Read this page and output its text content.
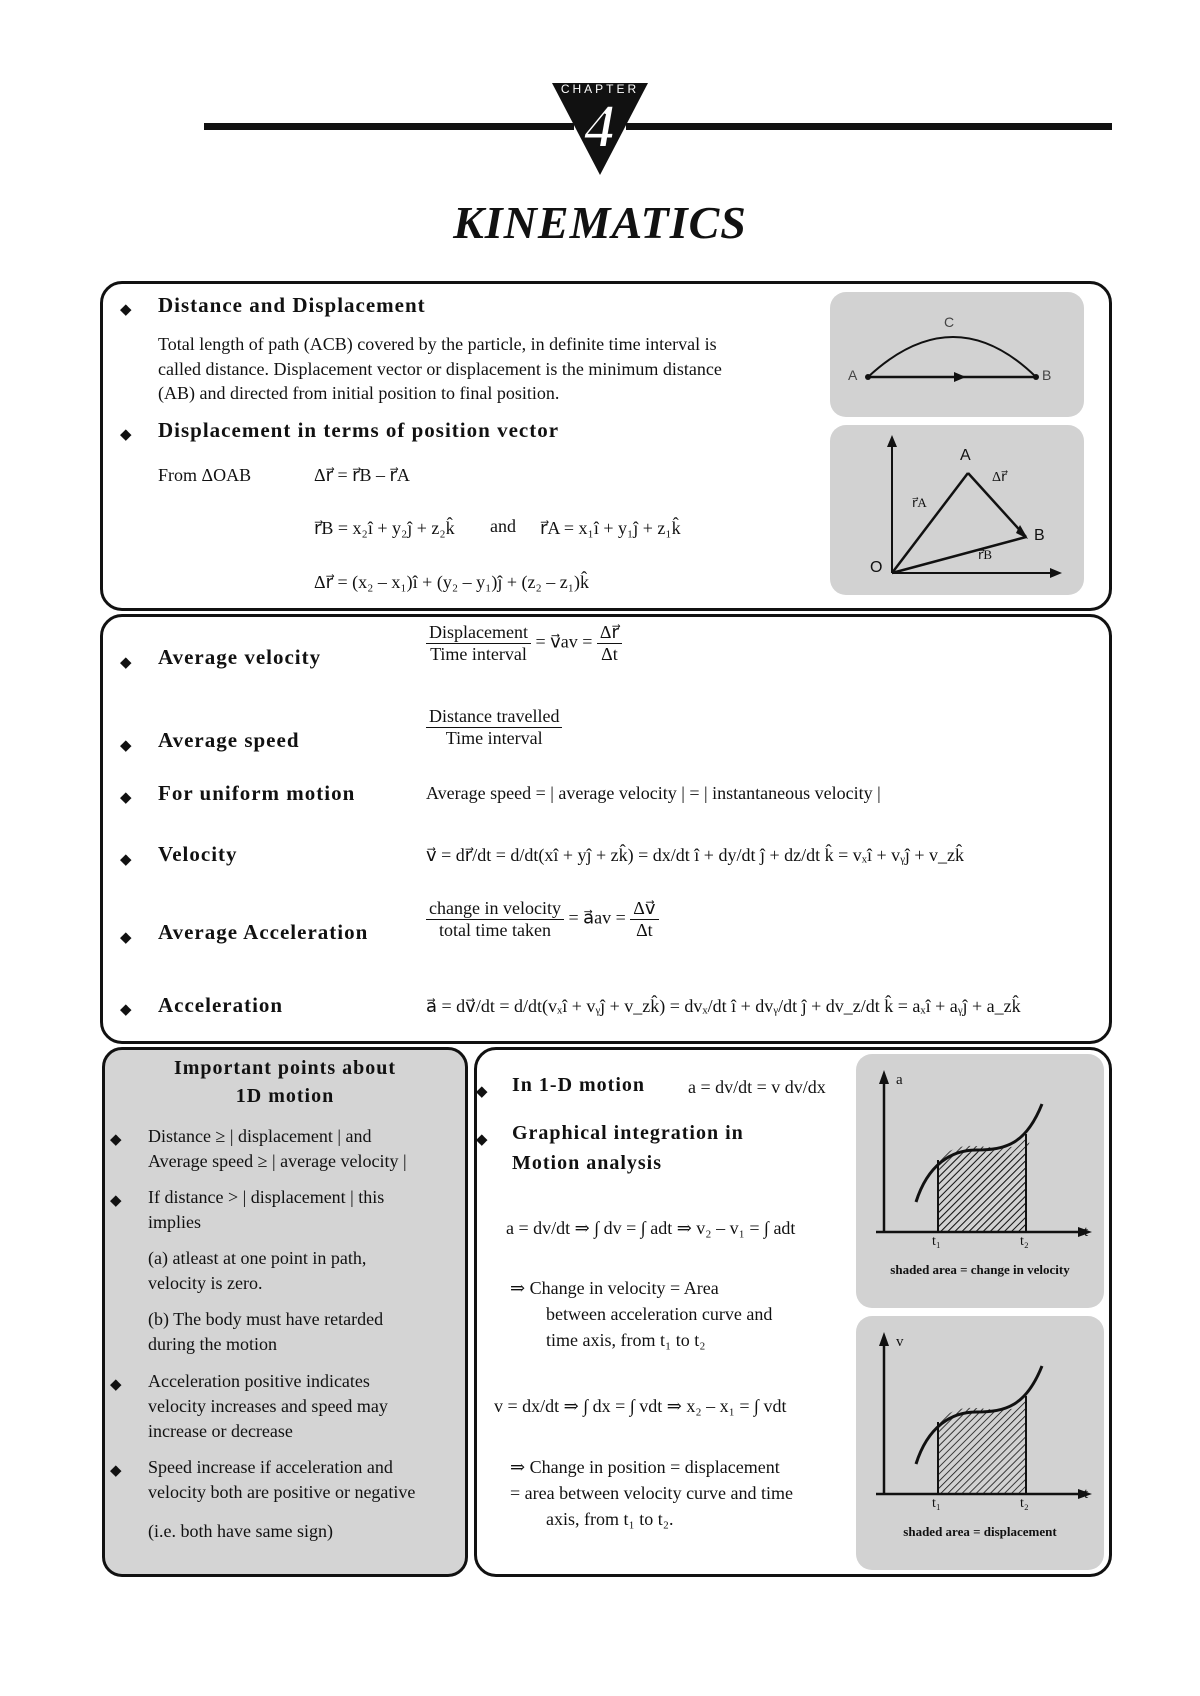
CHAPTER
4
KINEMATICS
◆ Distance and Displacement
Total length of path (ACB) covered by the particle, in definite time interval is
called distance. Displacement vector or displacement is the minimum distance
(AB) and directed from initial position to final position.
◆ Displacement in terms of position vector
From ΔOAB	Δr⃗ = r⃗B – r⃗A
r⃗B = x₂î + y₂ĵ + z₂k̂ and r⃗A = x₁î + y₁ĵ + z₁k̂
Δr⃗ = (x₂ – x₁)î + (y₂ – y₁)ĵ + (z₂ – z₁)k̂
A	B
C
A
B
O
Δr⃗
r⃗A
r⃗B
◆ Average velocity	$\frac{\text{Displacement}}{\text{Time interval}}$ = v⃗av = $\frac{\Delta r⃗}{\Delta t}$
◆ Average speed	$\frac{\text{Distance travelled}}{\text{Time interval}}$
◆ For uniform motion	Average speed = | average velocity | = | instantaneous velocity |
◆ Velocity	v⃗ = dr⃗/dt = d/dt(xî + yĵ + zk̂) = dx/dt î + dy/dt ĵ + dz/dt k̂ = vₓî + vᵧĵ + v_zk̂
◆ Average Acceleration	$\frac{\text{change in velocity}}{\text{total time taken}}$ = a⃗av = $\frac{\Delta v⃗}{\Delta t}$
◆ Acceleration	a⃗ = dv⃗/dt = d/dt(vₓî + vᵧĵ + v_zk̂) = dvₓ/dt î + dvᵧ/dt ĵ + dv_z/dt k̂ = aₓî + aᵧĵ + a_zk̂
Important points about
1D motion
◆ Distance ≥ | displacement | and
Average speed ≥ | average velocity |
◆ If distance > | displacement | this
implies
(a) atleast at one point in path,
velocity is zero.
(b) The body must have retarded
during the motion
◆ Acceleration positive indicates
velocity increases and speed may
increase or decrease
◆ Speed increase if acceleration and
velocity both are positive or negative
(i.e. both have same sign)
◆ In 1-D motion a = dv/dt = v dv/dx
◆ Graphical integration in
Motion analysis
a = dv/dt ⇒ ∫ dv = ∫ adt ⇒ v₂ – v₁ = ∫ adt
⇒ Change in velocity = Area
between acceleration curve and
time axis, from t₁ to t₂
v = dx/dt ⇒ ∫ dx = ∫ vdt ⇒ x₂ – x₁ = ∫ vdt
⇒ Change in position = displacement
= area between velocity curve and time
axis, from t₁ to t₂.
a
t
t₁	t₂
shaded area = change in velocity
v
t
t₁	t₂
shaded area = displacement
